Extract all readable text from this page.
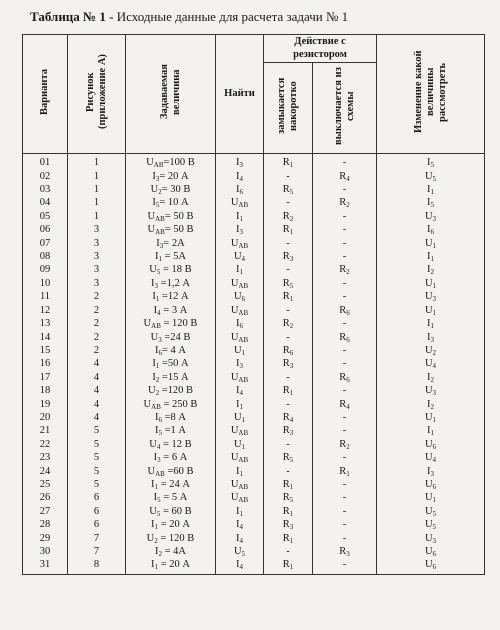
Таблица № 1 - Исходные данные для расчета задачи № 1
Варианта	Рисунок (приложение А)	Задаваемая величина	Найти	Действие с резистором		Изменение какой величины рассмотреть
				замыкается накоротко	выключается из схемы	
01	1	$U_{AB}=100$ В	$I_3$	$R_1$	-	$I_5$
02	1	$I_3= 20$ А	$I_4$	-	$R_4$	$U_5$
03	1	$U_2= 30$ В	$I_6$	$R_5$	-	$I_1$
04	1	$I_5= 10$ А	$U_{AB}$	-	$R_2$	$I_5$
05	1	$U_{AB}= 50$ В	$I_1$	$R_2$	-	$U_3$
06	3	$U_{AB}= 50$ В	$I_3$	$R_1$	-	$I_6$
07	3	$I_3= 2А$	$U_{AB}$	-	-	$U_1$
08	3	$I_1 = 5А$	$U_4$	$R_3$	-	$I_1$
09	3	$U_5 = 18$ В	$I_1$	-	$R_2$	$I_2$
10	3	$I_3 =1,2$ А	$U_{AB}$	$R_5$	-	$U_1$
11	2	$I_1 =12$ А	$U_6$	$R_1$	-	$U_3$
12	2	$I_4 = 3$ А	$U_{AB}$	-	$R_6$	$U_1$
13	2	$U_{AB} = 120$ В	$I_6$	$R_2$	-	$I_1$
14	2	$U_3 =24$ В	$U_{AB}$	-	$R_6$	$I_3$
15	2	$I_6= 4$ А	$U_1$	$R_6$	-	$U_2$
16	4	$I_1 =50$ А	$I_3$	$R_3$	-	$U_4$
17	4	$I_2 =15$ А	$U_{AB}$	-	$R_6$	$I_2$
18	4	$U_2 =120$ В	$I_4$	$R_1$	-	$U_3$
19	4	$U_{AB} = 250$ В	$I_1$	-	$R_4$	$I_2$
20	4	$I_6 =8$ А	$U_1$	$R_4$	-	$U_1$
21	5	$I_5 =1$ А	$U_{AB}$	$R_3$	-	$I_1$
22	5	$U_4 = 12$ В	$U_1$	-	$R_2$	$U_6$
23	5	$I_3 = 6$ А	$U_{AB}$	$R_5$	-	$U_4$
24	5	$U_{AB} =60$ В	$I_1$	-	$R_1$	$I_3$
25	5	$I_1 = 24$ А	$U_{AB}$	$R_1$	-	$U_6$
26	6	$I_5 = 5$ А	$U_{AB}$	$R_5$	-	$U_1$
27	6	$U_5 = 60$ В	$I_1$	$R_1$	-	$U_5$
28	6	$I_1 = 20$ А	$I_4$	$R_3$	-	$U_5$
29	7	$U_2 = 120$ В	$I_4$	$R_1$	-	$U_3$
30	7	$I_2 = 4А$	$U_5$	-	$R_3$	$U_6$
31	8	$I_1 = 20$ А	$I_4$	$R_1$	-	$U_6$
